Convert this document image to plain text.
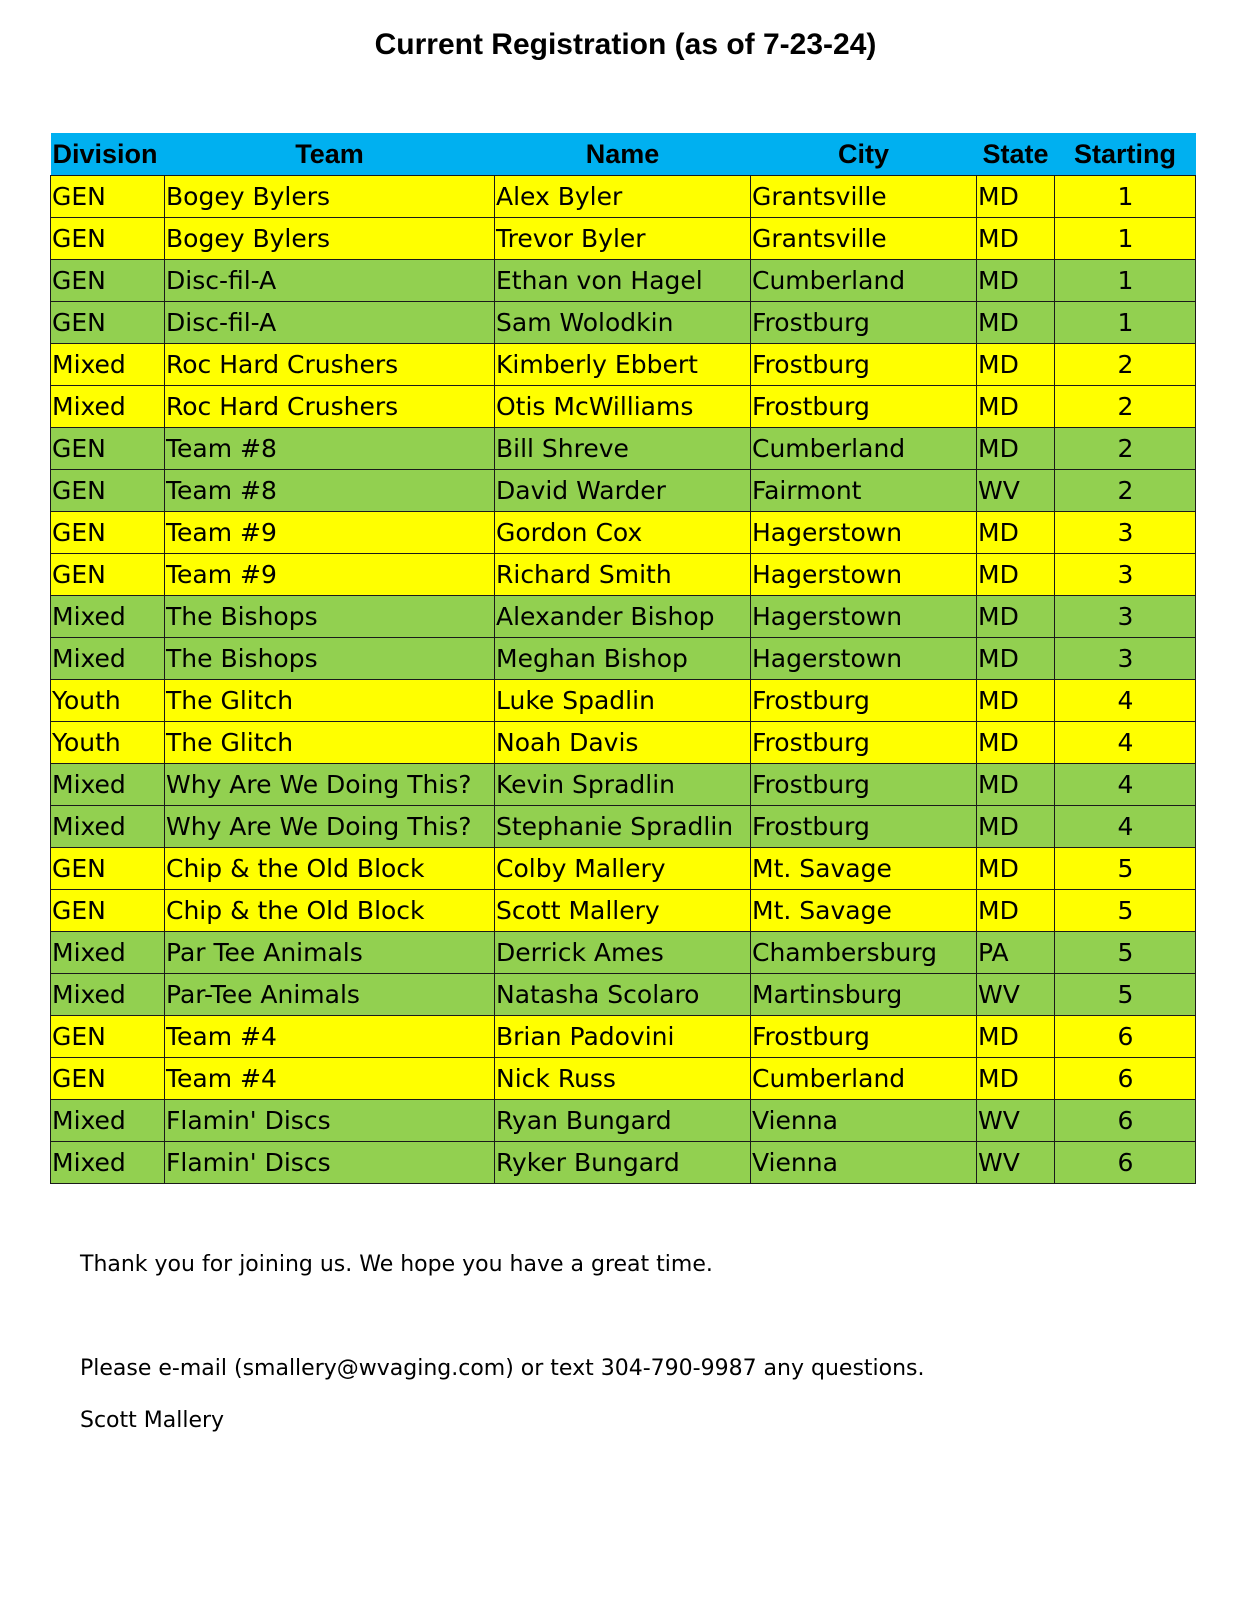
Current Registration (as of 7-23-24)
Division	Team	Name	City	State	Starting
GEN	Bogey Bylers	Alex Byler	Grantsville	MD	1
GEN	Bogey Bylers	Trevor Byler	Grantsville	MD	1
GEN	Disc-fil-A	Ethan von Hagel	Cumberland	MD	1
GEN	Disc-fil-A	Sam Wolodkin	Frostburg	MD	1
Mixed	Roc Hard Crushers	Kimberly Ebbert	Frostburg	MD	2
Mixed	Roc Hard Crushers	Otis McWilliams	Frostburg	MD	2
GEN	Team #8	Bill Shreve	Cumberland	MD	2
GEN	Team #8	David Warder	Fairmont	WV	2
GEN	Team #9	Gordon Cox	Hagerstown	MD	3
GEN	Team #9	Richard Smith	Hagerstown	MD	3
Mixed	The Bishops	Alexander Bishop	Hagerstown	MD	3
Mixed	The Bishops	Meghan Bishop	Hagerstown	MD	3
Youth	The Glitch	Luke Spadlin	Frostburg	MD	4
Youth	The Glitch	Noah Davis	Frostburg	MD	4
Mixed	Why Are We Doing This?	Kevin Spradlin	Frostburg	MD	4
Mixed	Why Are We Doing This?	Stephanie Spradlin	Frostburg	MD	4
GEN	Chip & the Old Block	Colby Mallery	Mt. Savage	MD	5
GEN	Chip & the Old Block	Scott Mallery	Mt. Savage	MD	5
Mixed	Par Tee Animals	Derrick Ames	Chambersburg	PA	5
Mixed	Par-Tee Animals	Natasha Scolaro	Martinsburg	WV	5
GEN	Team #4	Brian Padovini	Frostburg	MD	6
GEN	Team #4	Nick Russ	Cumberland	MD	6
Mixed	Flamin' Discs	Ryan Bungard	Vienna	WV	6
Mixed	Flamin' Discs	Ryker Bungard	Vienna	WV	6
Thank you for joining us. We hope you have a great time.
Please e-mail (smallery@wvaging.com) or text 304-790-9987 any questions.
Scott Mallery
